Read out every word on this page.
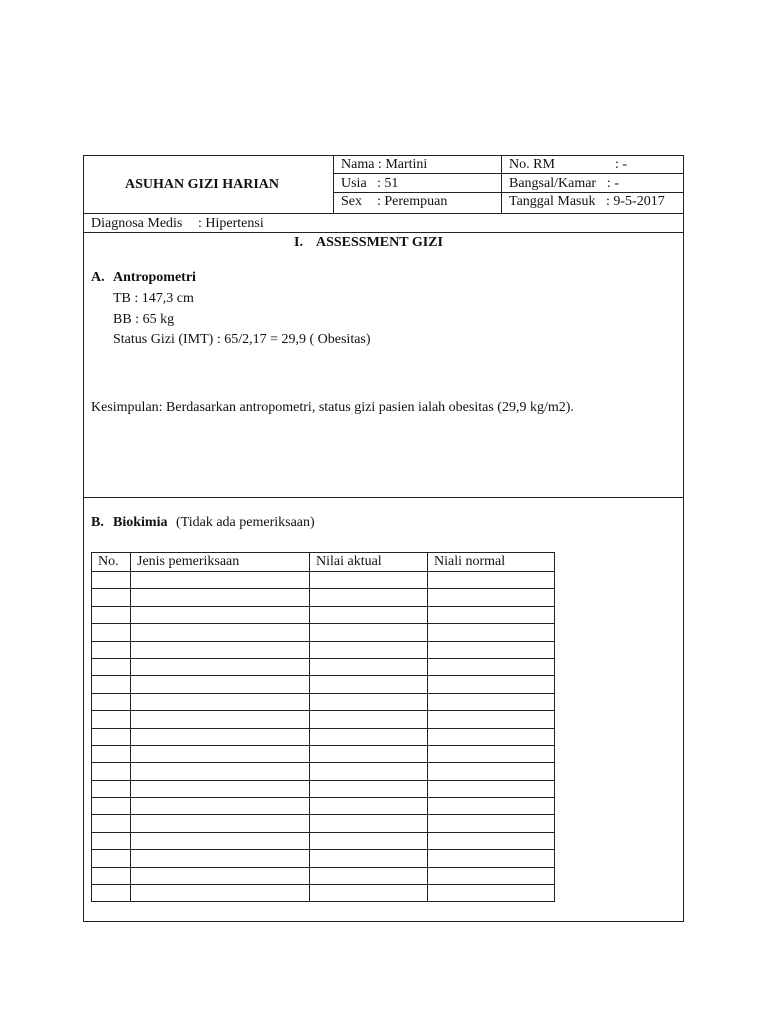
ASUHAN GIZI HARIAN
Nama : Martini
Usia : 51
Sex : Perempuan
No. RM	: -
Bangsal/Kamar : -
Tanggal Masuk : 9-5-2017
Diagnosa Medis : Hipertensi
I. ASSESSMENT GIZI
A. Antropometri
TB : 147,3 cm
BB : 65 kg
Status Gizi (IMT) : 65/2,17 = 29,9 ( Obesitas)
Kesimpulan: Berdasarkan antropometri, status gizi pasien ialah obesitas (29,9 kg/m2).
B. Biokimia (Tidak ada pemeriksaan)
No.	Jenis pemeriksaan	Nilai aktual	Niali normal
